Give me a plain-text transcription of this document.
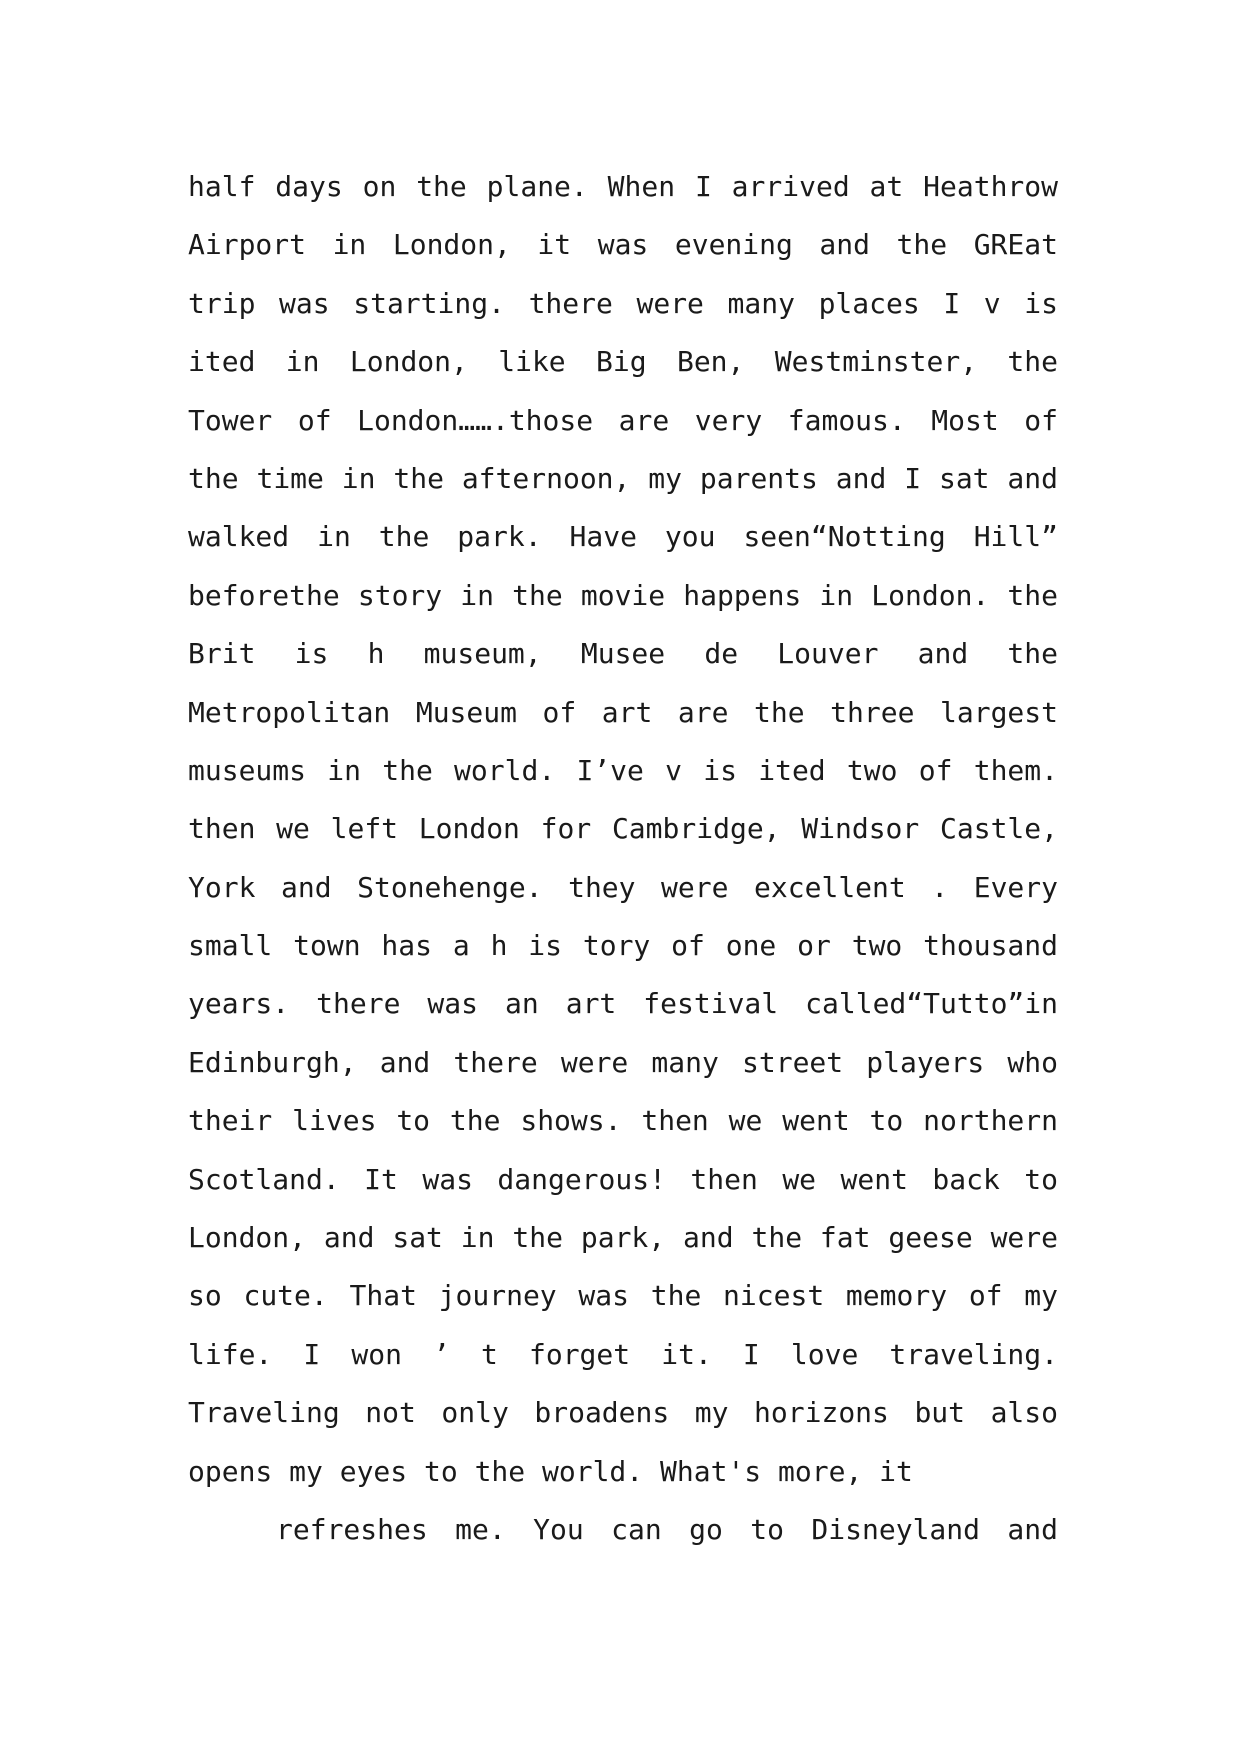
half days on the plane. When I arrived at Heathrow
Airport in London, it was evening and the GREat
trip was starting. there were many places I v is
ited in London, like Big Ben, Westminster, the
Tower of London…….those are very famous. Most of
the time in the afternoon, my parents and I sat and
walked in the park. Have you seen“Notting Hill”
beforethe story in the movie happens in London. the
Brit is h museum, Musee de Louver and the
Metropolitan Museum of art are the three largest
museums in the world. I’ve v is ited two of them.
then we left London for Cambridge, Windsor Castle,
York and Stonehenge. they were excellent . Every
small town has a h is tory of one or two thousand
years. there was an art festival called“Tutto”in
Edinburgh, and there were many street players who
their lives to the shows. then we went to northern
Scotland. It was dangerous! then we went back to
London, and sat in the park, and the fat geese were
so cute. That journey was the nicest memory of my
life. I won ’ t forget it. I love traveling.
Traveling not only broadens my horizons but also
opens my eyes to the world. What's more, it
refreshes me. You can go to Disneyland and
